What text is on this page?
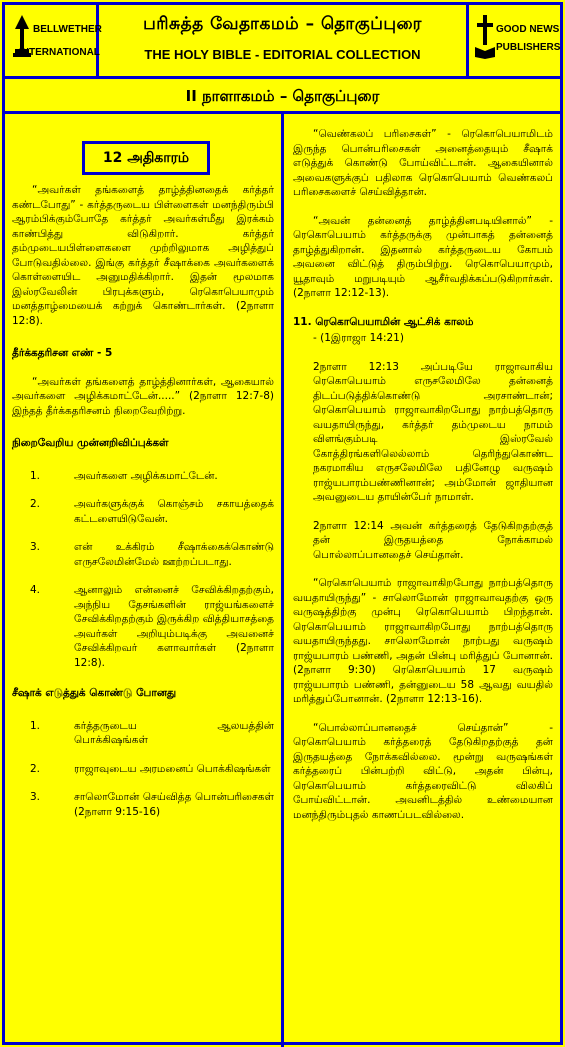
BELLWETHER
INTERNATIONAL
பரிசுத்த வேதாகமம் – தொகுப்புரை
THE HOLY BIBLE - EDITORIAL COLLECTION
GOOD NEWS
PUBLISHERS
II நாளாகமம் – தொகுப்புரை
12 அதிகாரம்

“அவர்கள் தங்களைத் தாழ்த்தினதைக் கர்த்தர் கண்டபோது” - கர்த்தருடைய பிள்ளைகள் மனந்திரும்பி ஆரம்பிக்கும்போதே கர்த்தர் அவர்கள்மீது இரக்கம் காண்பித்து விடுகிறார். கர்த்தர் தம்முடையபிள்ளைகளை முற்றிலுமாக அழித்துப் போடுவதில்லை. இங்கு கர்த்தர் சீஷாக்கை அவர்களைக் கொள்ளையிட அனுமதிக்கிறார். இதன் மூலமாக இஸ்ரவேலின் பிரபுக்களும், ரெகொபெயாமும் மனத்தாழ்மையைக் கற்றுக் கொண்டார்கள். (2நாளா 12:8).

தீர்க்கதரிசன எண் - 5

“அவர்கள் தங்களைத் தாழ்த்தினார்கள், ஆகையால் அவர்களை அழிக்கமாட்டேன்.....” (2நாளா 12:7-8) இந்தத் தீர்க்கதரிசனம் நிறைவேறிற்று.

நிறைவேறிய முன்னறிவிப்புக்கள்
1.	அவர்களை அழிக்கமாட்டேன்.
2.	அவர்களுக்குக் கொஞ்சம் சகாயத்தைக் கட்டளையிடுவேன்.
3.	என் உக்கிரம் சீஷாக்கைக்கொண்டு எருசலேமின்மேல் ஊற்றப்படாது.
4.	ஆனாலும் என்னைச் சேவிக்கிறதற்கும், அந்நிய தேசங்களின் ராஜ்யங்களைச் சேவிக்கிறதற்கும் இருக்கிற வித்தியாசத்தை அவர்கள் அறியும்படிக்கு அவனைச் சேவிக்கிறவர் களாவார்கள் (2நாளா 12:8).
சீஷாக் எடுத்துக் கொண்டு போனது
1.	கர்த்தருடைய ஆலயத்தின் பொக்கிஷங்கள்
2.	ராஜாவுடைய அரமனைப் பொக்கிஷங்கள்
3.	சாலொமோன் செய்வித்த பொன்பரிசைகள் (2நாளா 9:15-16)

“வெண்கலப் பரிசைகள்” - ரெகொபெயாமிடம் இருந்த பொன்பரிசைகள் அனைத்தையும் சீஷாக் எடுத்துக் கொண்டு போய்விட்டான். ஆகையினால் அவைகளுக்குப் பதிலாக ரெகொபெயாம் வெண்கலப் பரிசைகளைச் செய்வித்தான்.

“அவன் தன்னைத் தாழ்த்தினபடியினால்” - ரெகொபெயாம் கர்த்தருக்கு முன்பாகத் தன்னைத் தாழ்த்துகிறான். இதனால் கர்த்தருடைய கோபம் அவனை விட்டுத் திரும்பிற்று. ரெகொபெயாமும், யூதாவும் மறுபடியும் ஆசீர்வதிக்கப்படுகிறார்கள். (2நாளா 12:12-13).

11. ரெகொபெயாமின் ஆட்சிக் காலம்
- (1இராஜா 14:21)

2நாளா 12:13 அப்படியே ராஜாவாகிய ரெகொபெயாம் எருசலேமிலே தன்னைத் திடப்படுத்திக்கொண்டு அரசாண்டான்; ரெகொபெயாம் ராஜாவாகிறபோது நாற்பத்தொரு வயதாயிருந்து, கர்த்தர் தம்முடைய நாமம் விளங்கும்படி இஸ்ரவேல் கோத்திரங்களிலெல்லாம் தெரிந்துகொண்ட நகரமாகிய எருசலேமிலே பதினேழு வருஷம் ராஜ்யபாரம்பண்ணினான்; அம்மோன் ஜாதியான அவனுடைய தாயின்பேர் நாமாள்.

2நாளா 12:14 அவன் கர்த்தரைத் தேடுகிறதற்குத் தன் இருதயத்தை நோக்காமல் பொல்லாப்பானதைச் செய்தான்.

“ரெகொபெயாம் ராஜாவாகிறபோது நாற்பத்தொரு வயதாயிருந்து” - சாலொமோன் ராஜாவாவதற்கு ஒரு வருஷத்திற்கு முன்பு ரெகொபெயாம் பிறந்தான். ரெகொபெயாம் ராஜாவாகிறபோது நாற்பத்தொரு வயதாயிருந்தது. சாலொமோன் நாற்பது வருஷம் ராஜ்யபாரம் பண்ணி, அதன் பின்பு மரித்துப் போனான். (2நாளா 9:30) ரெகொபெயாம் 17 வருஷம் ராஜ்யபாரம் பண்ணி, தன்னுடைய 58 ஆவது வயதில் மரித்துப்போனான். (2நாளா 12:13-16).

“பொல்லாப்பானதைச் செய்தான்” - ரெகொபெயாம் கர்த்தரைத் தேடுகிறதற்குத் தன் இருதயத்தை நோக்கவில்லை. மூன்று வருஷங்கள் கர்த்தரைப் பின்பற்றி விட்டு, அதன் பின்பு, ரெகொபெயாம் கர்த்தரைவிட்டு விலகிப் போய்விட்டான். அவனிடத்தில் உண்மையான மனந்திரும்புதல் காணப்படவில்லை.
